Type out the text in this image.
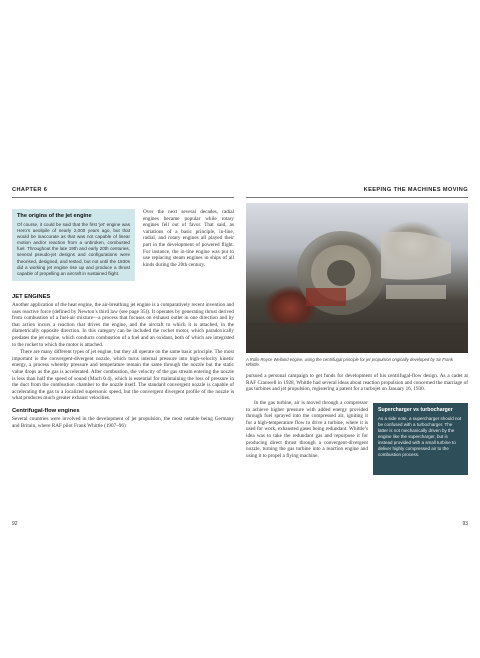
CHAPTER 6	KEEPING THE MACHINES MOVING
The origins of the jet engine

Of course, it could be said that the first ‘jet’ engine was Hero’s aeolipile of nearly 2,000 years ago, but that would be inaccurate as that was not capable of linear motion and/or reaction from a unbroken, combusted fuel. Throughout the late 19th and early 20th centuries, several pseudo-jet designs and configurations were theorised, designed, and tested, but not until the 1930s did a working jet engine rise up and produce a thrust capable of propelling an aircraft in sustained flight.

Over the next several decades, radial engines became popular while rotary engines fell out of favor. That said, as variations of a basic principle, in-line, radial, and rotary engines all played their part in the development of powered flight. For instance, the in-line engine was put to use replacing steam engines in ships of all kinds during the 20th century.

JET ENGINES

Another application of the heat engine, the air-breathing jet engine is a comparatively recent invention and uses reactive force (defined by Newton’s third law (see page 35)). It operates by generating thrust derived from combustion of a fuel-air mixture—a process that focuses on exhaust outlet in one direction and by that action incurs a reaction that drives the engine, and the aircraft to which it is attached, in the diametrically opposite direction. In this category can be included the rocket motor, which paradoxically predates the jet engine, which conducts combustion of a fuel and an oxidant, both of which are integrated to the rocket to which the motor is attached.

There are many different types of jet engine, but they all operate on the same basic principle. The most important is the convergent-divergent nozzle, which turns internal pressure into high-velocity kinetic energy, a process whereby pressure and temperature remain the same through the nozzle but the static value drops as the gas is accelerated. After combustion, the velocity of the gas stream entering the nozzle is less than half the speed of sound (Mach 0.4), which is essential for maintaining the loss of pressure in the duct from the combustion chamber to the nozzle itself. The standard convergent nozzle is capable of accelerating the gas to a localized supersonic speed, but the convergent divergent profile of the nozzle is what produces much greater exhaust velocities.

Centrifugal-flow engines

Several countries were involved in the development of jet propulsion, the most notable being Germany and Britain, where RAF pilot Frank Whittle (1907–96)

A Rolls-Royce Welland engine, using the centrifugal principle for jet propulsion originally developed by Sir Frank Whittle.

pursued a personal campaign to get funds for development of his centrifugal-flow design. As a cadet at RAF Cranwell in 1928, Whittle had several ideas about reaction propulsion and concerned the marriage of gas turbines and jet propulsion, registering a patent for a turbojet on January 16, 1930.

In the gas turbine, air is moved through a compressor to achieve higher pressure with added energy provided through fuel sprayed into the compressed air, igniting it for a high-temperature flow to drive a turbine, where it is used for work, exhausted gases being redundant. Whittle’s idea was to take the redundant gas and repurpose it for producing direct thrust through a convergent-divergent nozzle, turning the gas turbine into a reaction engine and using it to propel a flying machine.

Supercharger vs turbocharger

As a side note, a supercharger should not be confused with a turbocharger. The latter is not mechanically driven by the engine like the supercharger, but is instead provided with a small turbine to deliver highly compressed air to the combustion process.

92	93
